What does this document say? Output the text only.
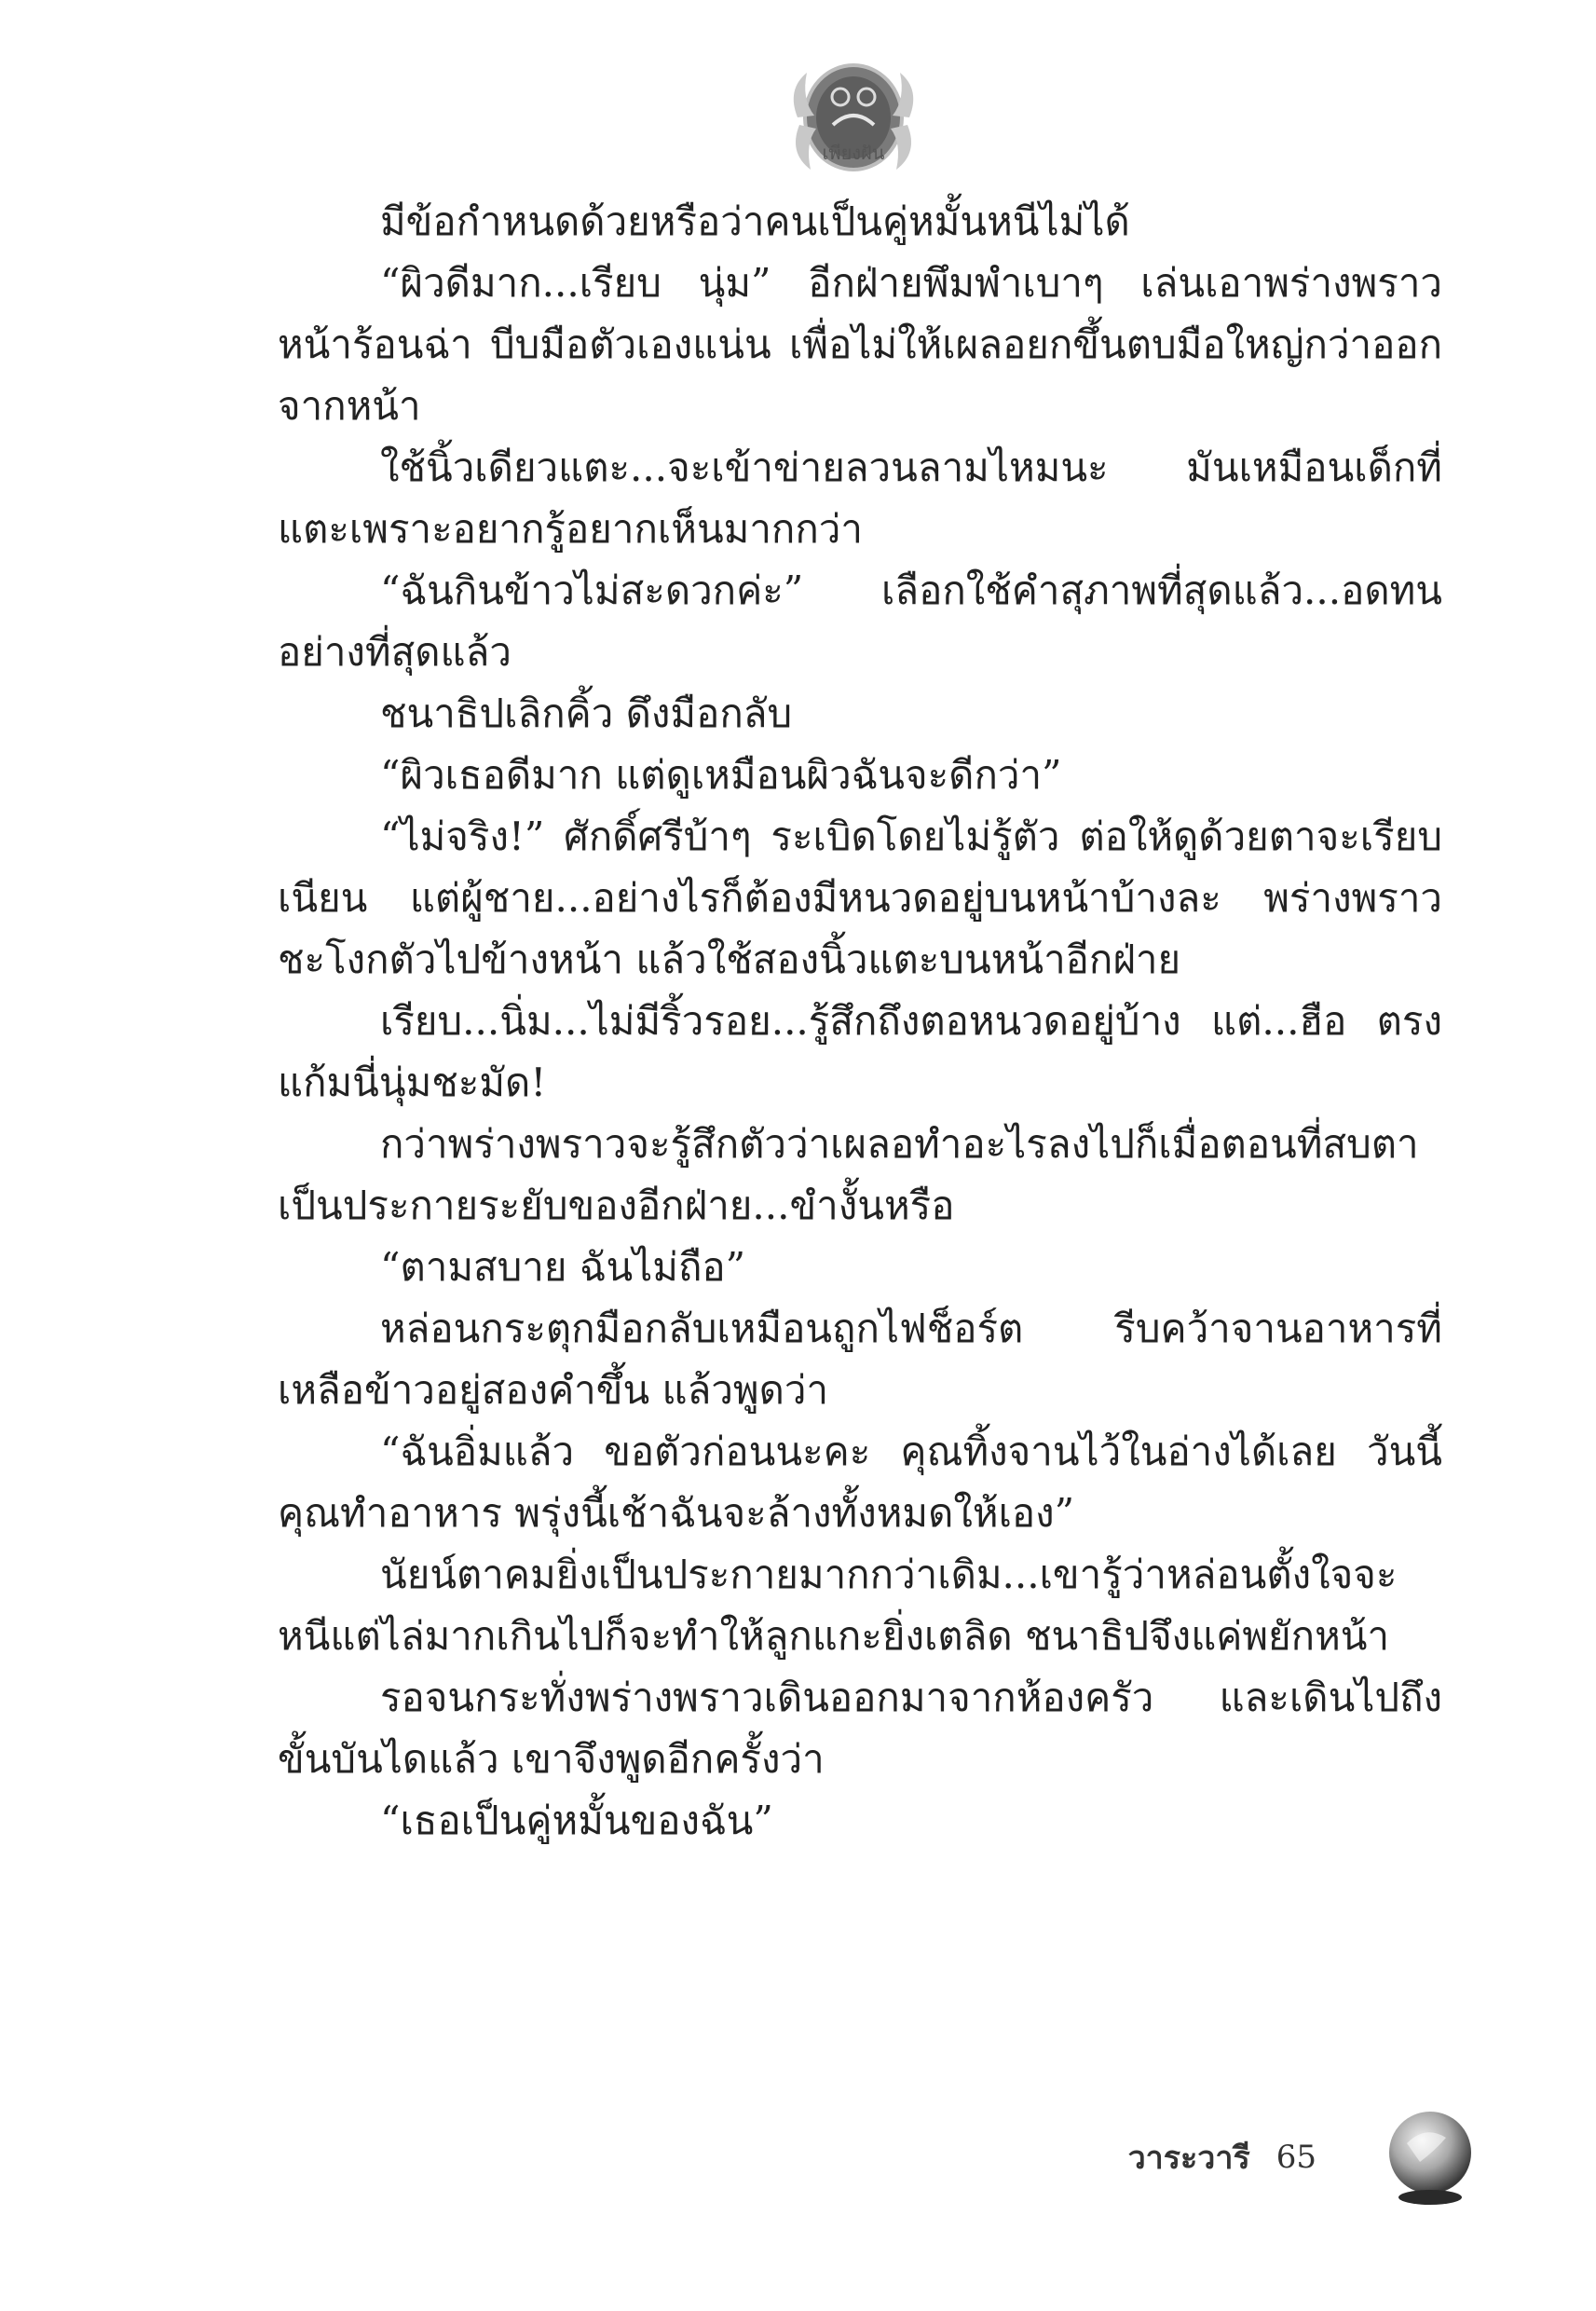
เพียงฝัน

มีข้อกำหนดด้วยหรือว่าคนเป็นคู่หมั้นหนีไม่ได้

“ผิวดีมาก...เรียบ นุ่ม” อีกฝ่ายพึมพำเบาๆ เล่นเอาพร่างพราวหน้าร้อนฉ่า บีบมือตัวเองแน่น เพื่อไม่ให้เผลอยกขึ้นตบมือใหญ่กว่าออกจากหน้า

ใช้นิ้วเดียวแตะ...จะเข้าข่ายลวนลามไหมนะ มันเหมือนเด็กที่แตะเพราะอยากรู้อยากเห็นมากกว่า

“ฉันกินข้าวไม่สะดวกค่ะ” เลือกใช้คำสุภาพที่สุดแล้ว...อดทนอย่างที่สุดแล้ว

ชนาธิปเลิกคิ้ว ดึงมือกลับ

“ผิวเธอดีมาก แต่ดูเหมือนผิวฉันจะดีกว่า”

“ไม่จริง!” ศักดิ์ศรีบ้าๆ ระเบิดโดยไม่รู้ตัว ต่อให้ดูด้วยตาจะเรียบเนียน แต่ผู้ชาย...อย่างไรก็ต้องมีหนวดอยู่บนหน้าบ้างละ พร่างพราวชะโงกตัวไปข้างหน้า แล้วใช้สองนิ้วแตะบนหน้าอีกฝ่าย

เรียบ...นิ่ม...ไม่มีริ้วรอย...รู้สึกถึงตอหนวดอยู่บ้าง แต่...ฮือ ตรงแก้มนี่นุ่มชะมัด!

กว่าพร่างพราวจะรู้สึกตัวว่าเผลอทำอะไรลงไปก็เมื่อตอนที่สบตาเป็นประกายระยับของอีกฝ่าย...ขำงั้นหรือ

“ตามสบาย ฉันไม่ถือ”

หล่อนกระตุกมือกลับเหมือนถูกไฟช็อร์ต รีบคว้าจานอาหารที่เหลือข้าวอยู่สองคำขึ้น แล้วพูดว่า

“ฉันอิ่มแล้ว ขอตัวก่อนนะคะ คุณทิ้งจานไว้ในอ่างได้เลย วันนี้คุณทำอาหาร พรุ่งนี้เช้าฉันจะล้างทั้งหมดให้เอง”

นัยน์ตาคมยิ่งเป็นประกายมากกว่าเดิม...เขารู้ว่าหล่อนตั้งใจจะหนีแต่ไล่มากเกินไปก็จะทำให้ลูกแกะยิ่งเตลิด ชนาธิปจึงแค่พยักหน้า

รอจนกระทั่งพร่างพราวเดินออกมาจากห้องครัว และเดินไปถึงขั้นบันไดแล้ว เขาจึงพูดอีกครั้งว่า

“เธอเป็นคู่หมั้นของฉัน”

วาระวารี 65
